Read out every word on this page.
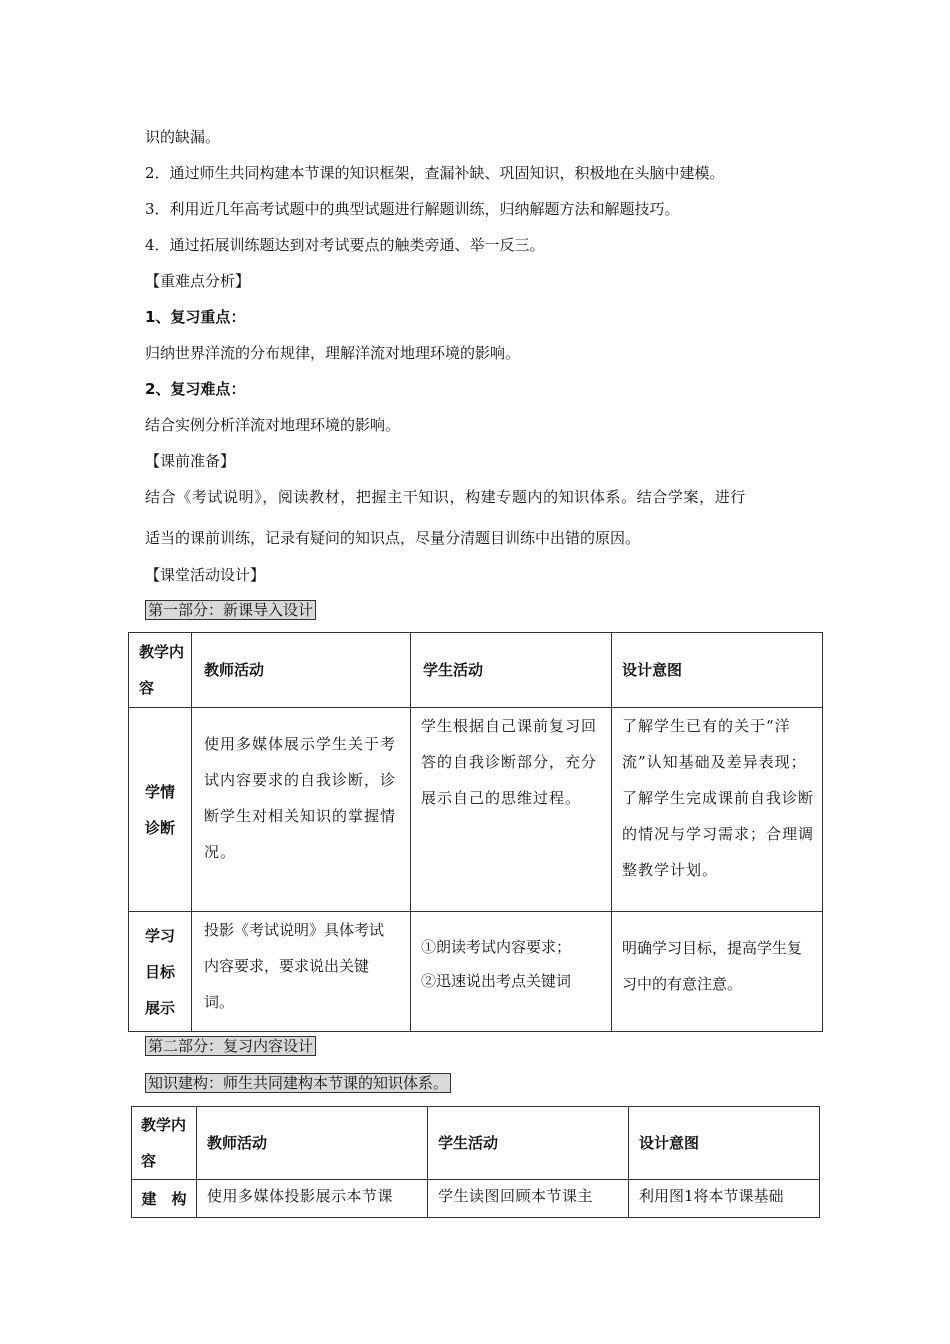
识的缺漏。
2．通过师生共同构建本节课的知识框架，查漏补缺、巩固知识，积极地在头脑中建模。
3．利用近几年高考试题中的典型试题进行解题训练，归纳解题方法和解题技巧。
4．通过拓展训练题达到对考试要点的触类旁通、举一反三。
【重难点分析】
1、复习重点：
归纳世界洋流的分布规律，理解洋流对地理环境的影响。
2、复习难点：
结合实例分析洋流对地理环境的影响。
【课前准备】
结合《考试说明》，阅读教材，把握主干知识，构建专题内的知识体系。结合学案，进行
适当的课前训练，记录有疑问的知识点，尽量分清题目训练中出错的原因。
【课堂活动设计】
第一部分：新课导入设计
教学内容	教师活动	学生活动	设计意图
学情诊断	使用多媒体展示学生关于考试内容要求的自我诊断，诊断学生对相关知识的掌握情况。	学生根据自己课前复习回答的自我诊断部分，充分展示自己的思维过程。	了解学生已有的关于“洋流”认知基础及差异表现；了解学生完成课前自我诊断的情况与学习需求；合理调整教学计划。
学习目标展示	投影《考试说明》具体考试内容要求，要求说出关键词。	①朗读考试内容要求；
②迅速说出考点关键词	明确学习目标，提高学生复习中的有意注意。
第二部分：复习内容设计
知识建构：师生共同建构本节课的知识体系。
教学内容	教师活动	学生活动	设计意图
建　构	使用多媒体投影展示本节课	学生读图回顾本节课主	利用图1将本节课基础
